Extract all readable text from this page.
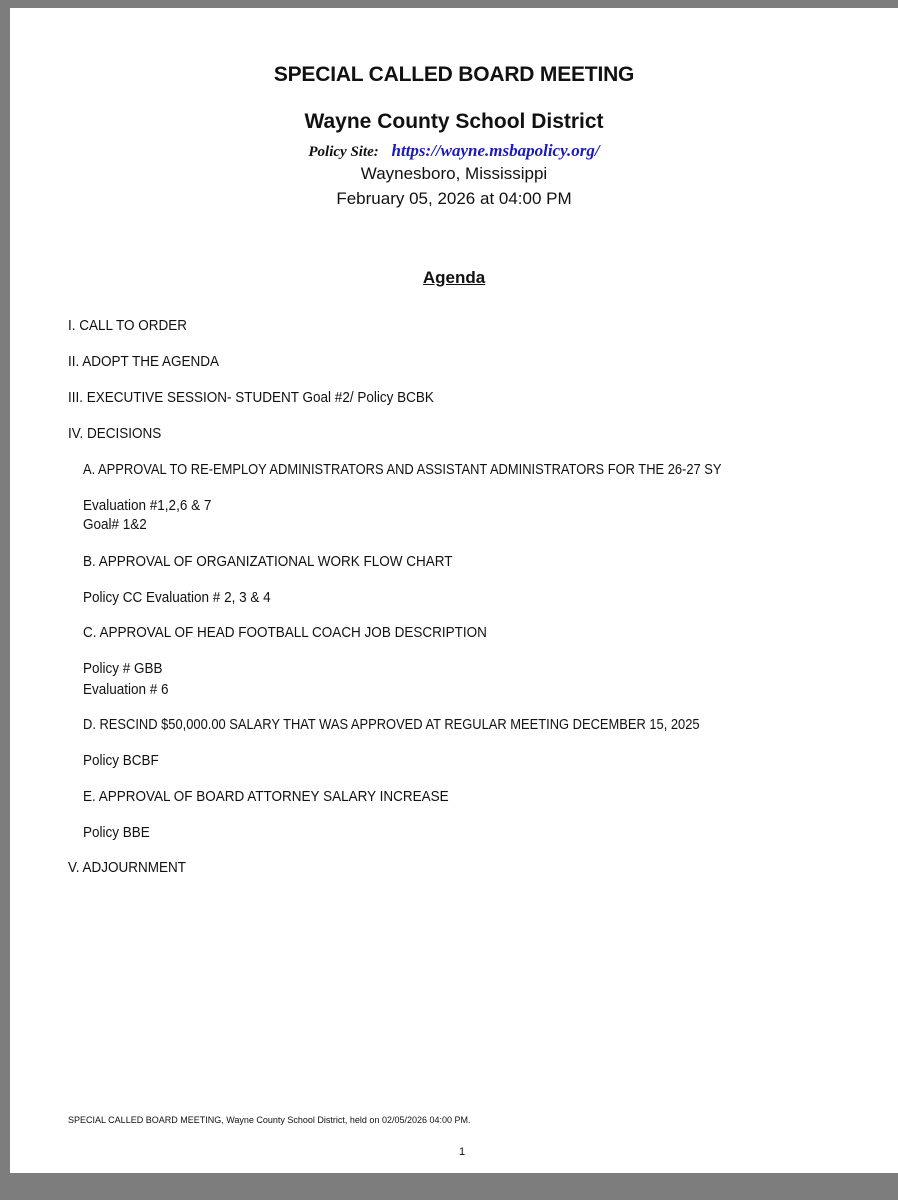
SPECIAL CALLED BOARD MEETING
Wayne County School District
Policy Site: https://wayne.msbapolicy.org/
Waynesboro, Mississippi
February 05, 2026 at 04:00 PM
Agenda
I. CALL TO ORDER
II. ADOPT THE AGENDA
III. EXECUTIVE SESSION- STUDENT Goal #2/ Policy BCBK
IV. DECISIONS
A. APPROVAL TO RE-EMPLOY ADMINISTRATORS AND ASSISTANT ADMINISTRATORS FOR THE 26-27 SY
Evaluation #1,2,6 & 7
Goal# 1&2
B. APPROVAL OF ORGANIZATIONAL WORK FLOW CHART
Policy CC Evaluation # 2, 3 & 4
C. APPROVAL OF HEAD FOOTBALL COACH JOB DESCRIPTION
Policy # GBB
Evaluation # 6
D. RESCIND $50,000.00 SALARY THAT WAS APPROVED AT REGULAR MEETING DECEMBER 15, 2025
Policy BCBF
E. APPROVAL OF BOARD ATTORNEY SALARY INCREASE
Policy BBE
V. ADJOURNMENT
SPECIAL CALLED BOARD MEETING, Wayne County School District, held on 02/05/2026 04:00 PM.
1
